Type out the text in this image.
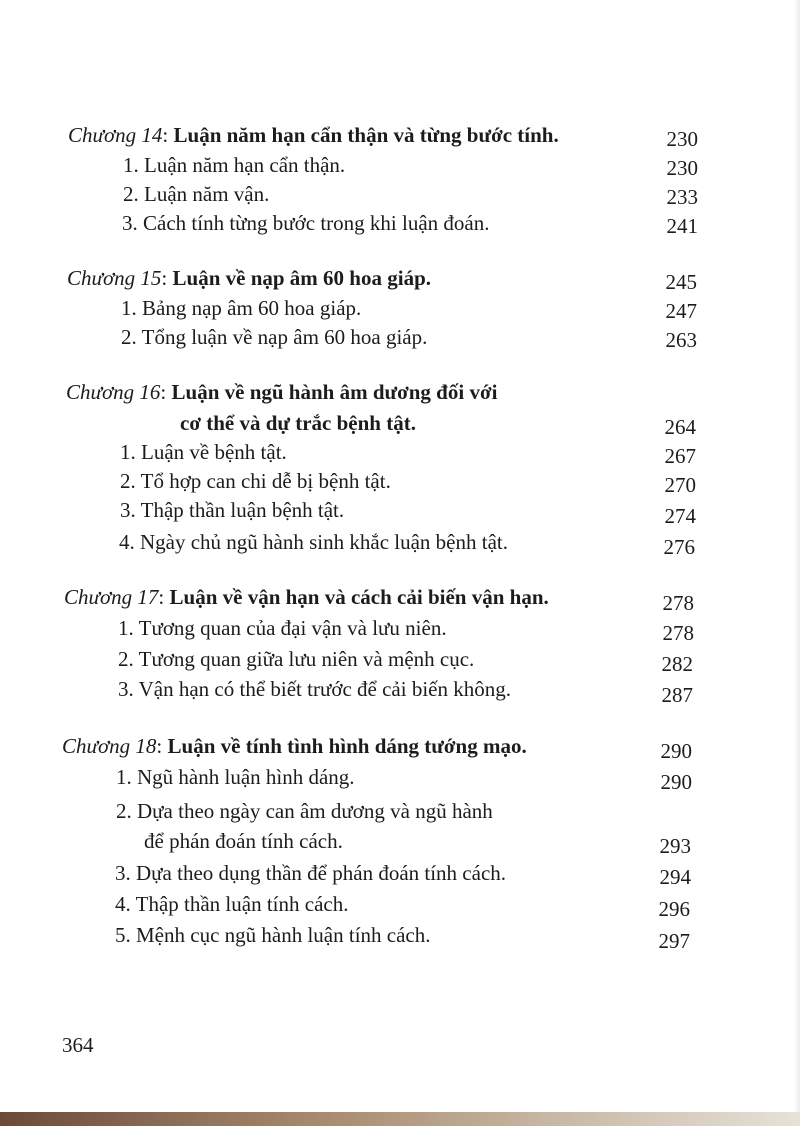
Chương 14: Luận năm hạn cẩn thận và từng bước tính.	230
1. Luận năm hạn cẩn thận.	230
2. Luận năm vận.	233
3. Cách tính từng bước trong khi luận đoán.	241
Chương 15: Luận về nạp âm 60 hoa giáp.	245
1. Bảng nạp âm 60 hoa giáp.	247
2. Tổng luận về nạp âm 60 hoa giáp.	263
Chương 16: Luận về ngũ hành âm dương đối với
cơ thể và dự trắc bệnh tật.	264
1. Luận về bệnh tật.	267
2. Tổ hợp can chi dễ bị bệnh tật.	270
3. Thập thần luận bệnh tật.	274
4. Ngày chủ ngũ hành sinh khắc luận bệnh tật.	276
Chương 17: Luận về vận hạn và cách cải biến vận hạn.	278
1. Tương quan của đại vận và lưu niên.	278
2. Tương quan giữa lưu niên và mệnh cục.	282
3. Vận hạn có thể biết trước để cải biến không.	287
Chương 18: Luận về tính tình hình dáng tướng mạo.	290
1. Ngũ hành luận hình dáng.	290
2. Dựa theo ngày can âm dương và ngũ hành
để phán đoán tính cách.	293
3. Dựa theo dụng thần để phán đoán tính cách.	294
4. Thập thần luận tính cách.	296
5. Mệnh cục ngũ hành luận tính cách.	297
364
